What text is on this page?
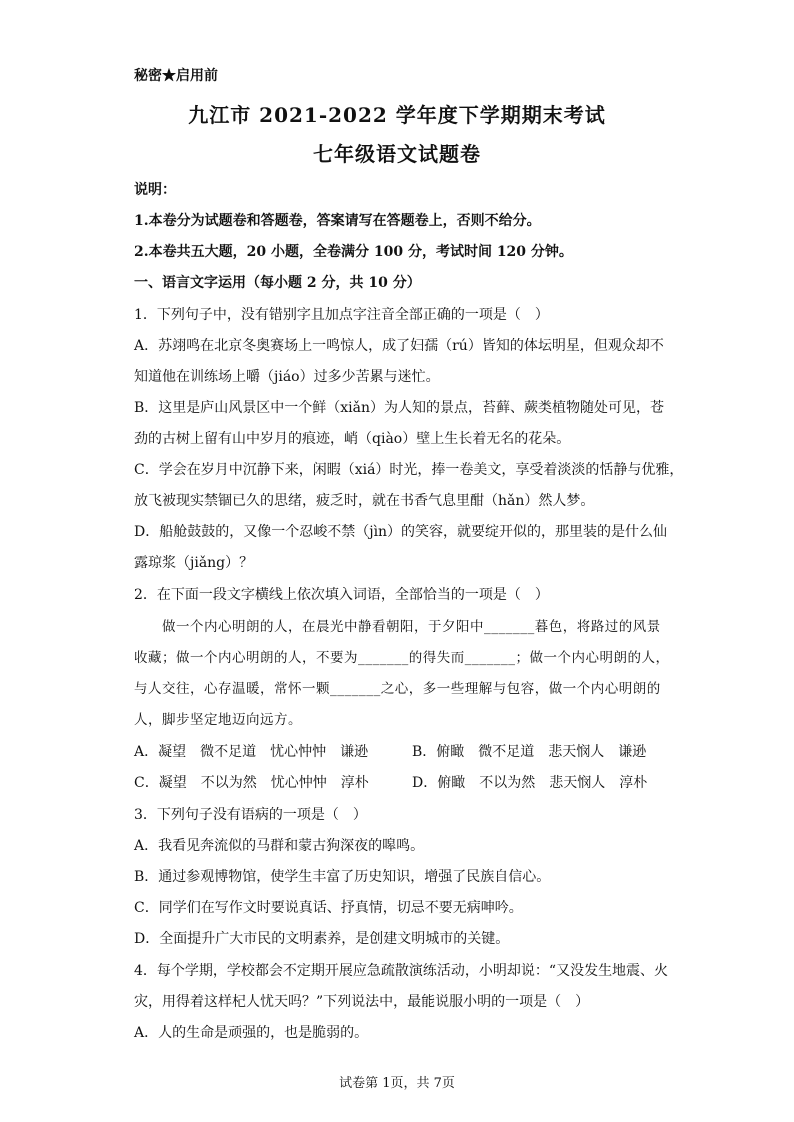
秘密★启用前
九江市 2021-2022 学年度下学期期末考试
七年级语文试题卷
说明：
1.本卷分为试题卷和答题卷，答案请写在答题卷上，否则不给分。
2.本卷共五大题，20 小题，全卷满分 100 分，考试时间 120 分钟。
一、语言文字运用（每小题 2 分，共 10 分）
1．下列句子中，没有错别字且加点字注音全部正确的一项是（　）
A．苏翊鸣在北京冬奥赛场上一鸣惊人，成了妇孺（rú）皆知的体坛明星，但观众却不
知道他在训练场上嚼（jiáo）过多少苦累与迷忙。
B．这里是庐山风景区中一个鲜（xiǎn）为人知的景点，苔藓、蕨类植物随处可见，苍
劲的古树上留有山中岁月的痕迹，峭（qiào）壁上生长着无名的花朵。
C．学会在岁月中沉静下来，闲暇（xiá）时光，捧一卷美文，享受着淡淡的恬静与优雅，
放飞被现实禁锢已久的思绪，疲乏时，就在书香气息里酣（hǎn）然人梦。
D．船舱鼓鼓的，又像一个忍峻不禁（jìn）的笑容，就要绽开似的，那里装的是什么仙
露琼浆（jiǎng）？
2．在下面一段文字横线上依次填入词语，全部恰当的一项是（　）
做一个内心明朗的人，在晨光中静看朝阳，于夕阳中_______暮色，将路过的风景
收藏；做一个内心明朗的人，不要为_______的得失而_______；做一个内心明朗的人，
与人交往，心存温暖，常怀一颗_______之心，多一些理解与包容，做一个内心明朗的
人，脚步坚定地迈向远方。
A．凝望　微不足道　忧心忡忡　谦逊	B．俯瞰　微不足道　悲天悯人　谦逊
C．凝望　不以为然　忧心忡忡　淳朴	D．俯瞰　不以为然　悲天悯人　淳朴
3．下列句子没有语病的一项是（　）
A．我看见奔流似的马群和蒙古狗深夜的嗥鸣。
B．通过参观博物馆，使学生丰富了历史知识，增强了民族自信心。
C．同学们在写作文时要说真话、抒真情，切忌不要无病呻吟。
D．全面提升广大市民的文明素养，是创建文明城市的关键。
4．每个学期，学校都会不定期开展应急疏散演练活动，小明却说：“又没发生地震、火
灾，用得着这样杞人忧天吗？”下列说法中，最能说服小明的一项是（　）
A．人的生命是顽强的，也是脆弱的。
试卷第 1页，共 7页
